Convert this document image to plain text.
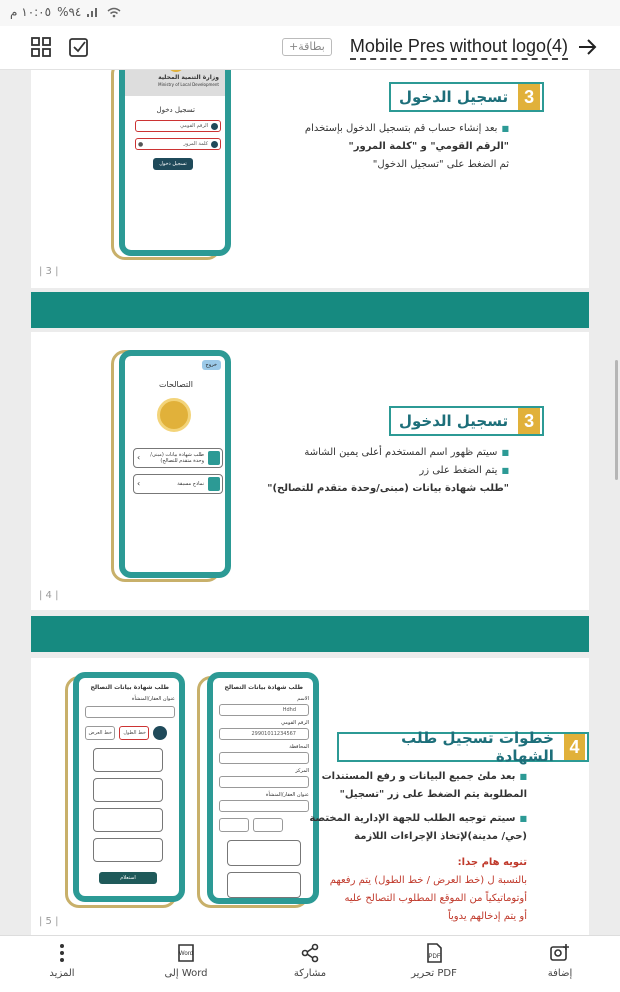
١٠:٠٥ م %٩٤
+بطاقة	Mobile Pres without logo(4)
وزارة التنمية المحلية
Ministry of Local Development
تسجيل دخول
الرقم القومي
كلمة المرور
●
تسجيل دخول
تسجيل الدخول 3
■ بعد إنشاء حساب قم بتسجيل الدخول بإستخدام
"الرقم القومي" و "كلمة المرور"
ثم الضغط على "تسجيل الدخول"
| 3 |
خروج
التصالحات
طلب شهادة بيانات (مبنى/وحدة متقدم للتصالح)
‹
نماذج مسبقة
‹
تسجيل الدخول 3
■ سيتم ظهور اسم المستخدم أعلى يمين الشاشة
■ يتم الضغط على زر
"طلب شهادة بيانات (مبنى/وحدة متقدم للتصالح)"
| 4 |
طلب شهادة بيانات التصالح
عنوان العقار/المنشأة
خط العرض خط الطول
استعلام
طلب شهادة بيانات التصالح
الاسم
Hdhd
الرقم القومي
29901011234567
المحافظة
المركز
عنوان العقار/المنشأة
خطوات تسجيل طلب الشهادة 4
■ بعد ملئ جميع البيانات و رفع المستندات
المطلوبة يتم الضغط على زر "تسجيل"
■ سيتم توجيه الطلب للجهة الإدارية المختصة
(حي/ مدينة)لإتخاذ الإجراءات اللازمة
تنويه هام جدا:
بالنسبة ل (خط العرض / خط الطول) يتم رفعهم
أوتوماتيكياً من الموقع المطلوب التصالح عليه
أو يتم إدخالهم يدوياً
| 5 |
إضافة
PDF
تحرير PDF
مشاركة
Word
إلى Word
المزيد
